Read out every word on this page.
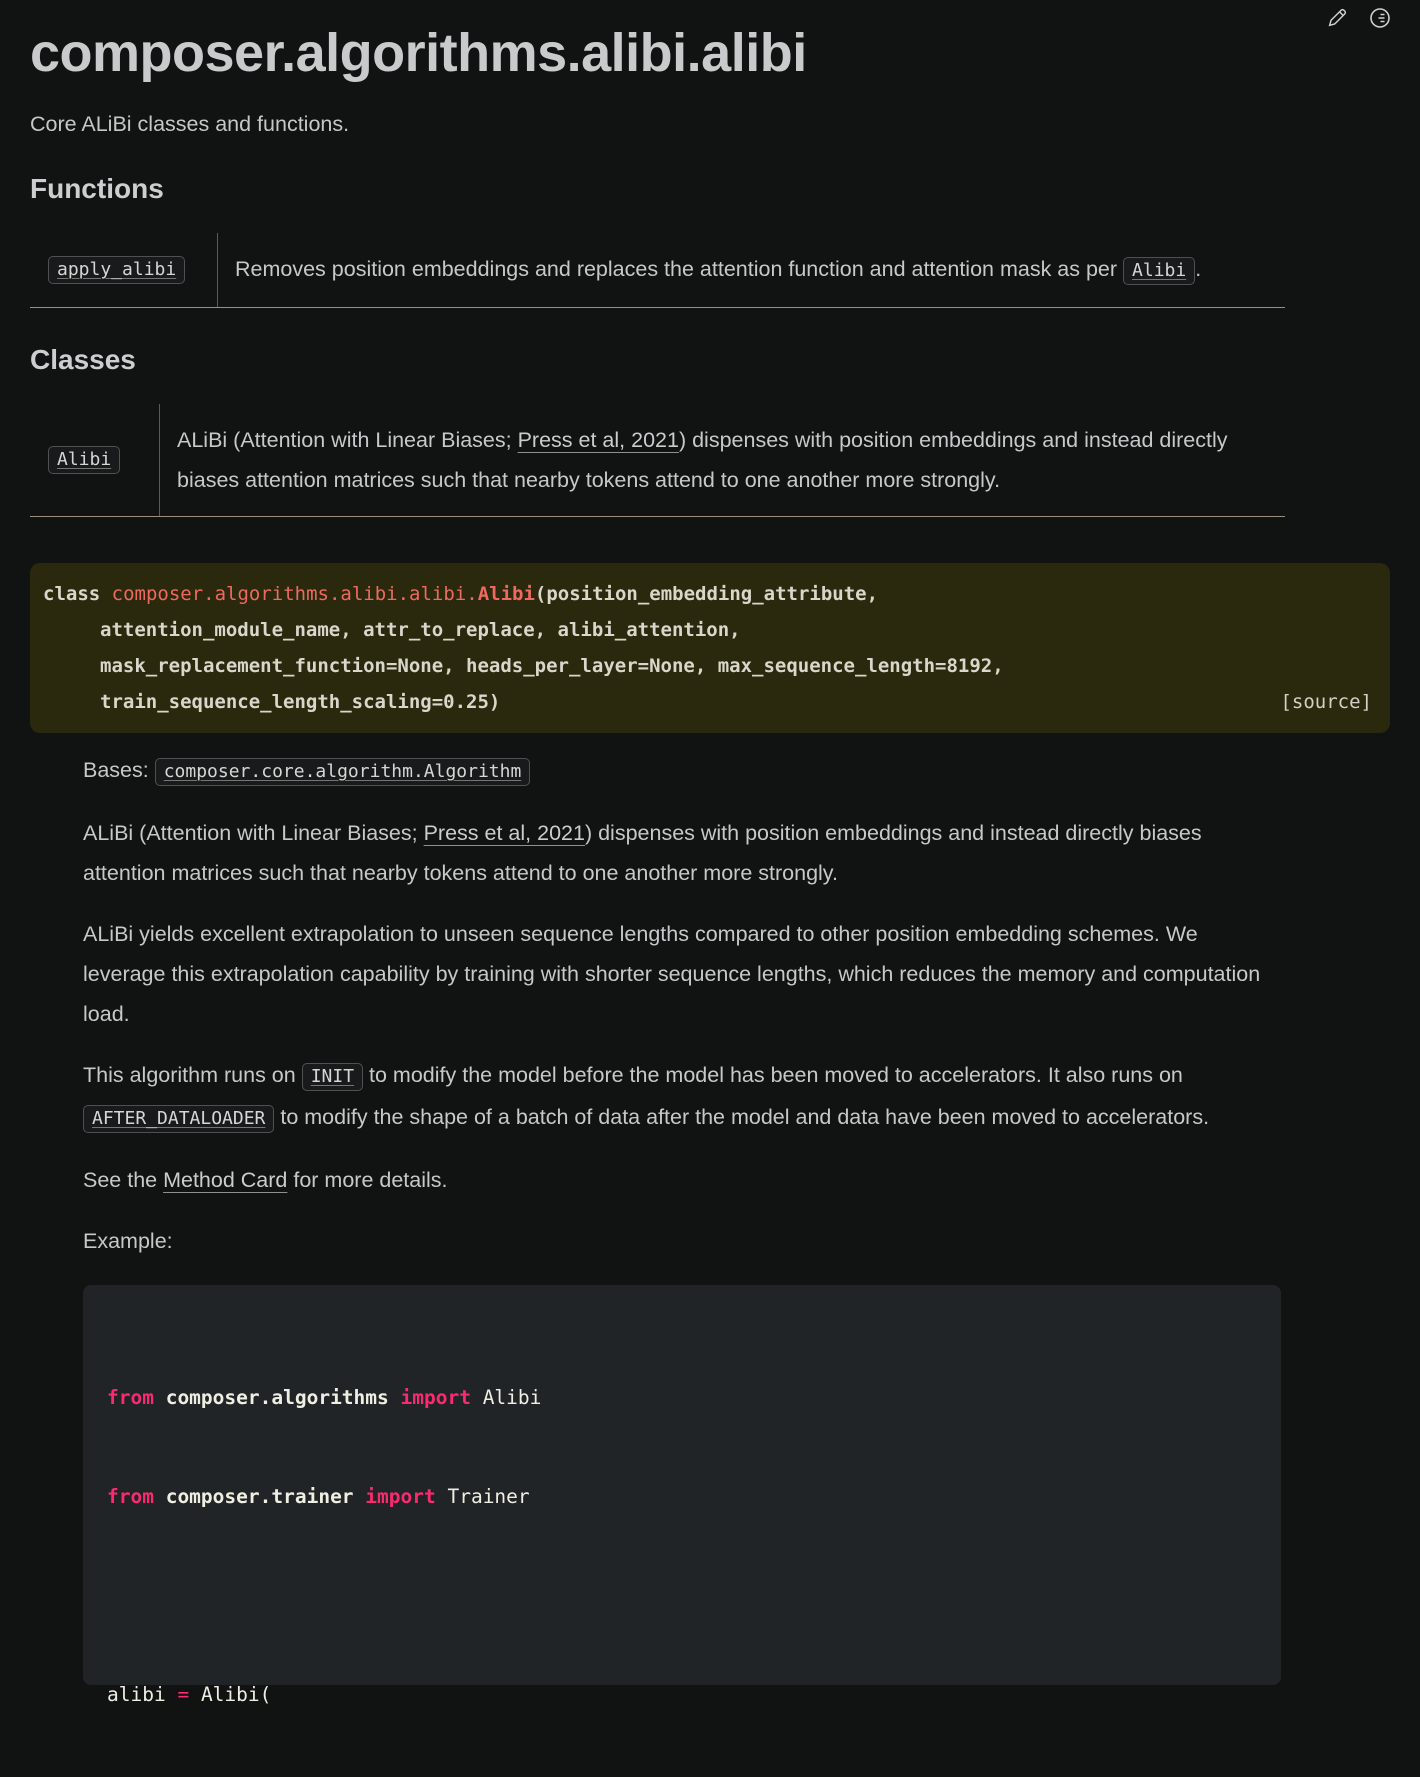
composer.algorithms.alibi.alibi

Core ALiBi classes and functions.

Functions
apply_alibi	Removes position embeddings and replaces the attention function and attention mask as per Alibi .
Classes
Alibi
ALiBi (Attention with Linear Biases; Press et al, 2021) dispenses with position embeddings and instead directly biases attention matrices such that nearby tokens attend to one another more strongly.
class composer.algorithms.alibi.alibi.Alibi(position_embedding_attribute,
attention_module_name, attr_to_replace, alibi_attention,
mask_replacement_function=None, heads_per_layer=None, max_sequence_length=8192,
train_sequence_length_scaling=0.25)	[source]

Bases: composer.core.algorithm.Algorithm

ALiBi (Attention with Linear Biases; Press et al, 2021) dispenses with position embeddings and instead directly biases attention matrices such that nearby tokens attend to one another more strongly.

ALiBi yields excellent extrapolation to unseen sequence lengths compared to other position embedding schemes. We leverage this extrapolation capability by training with shorter sequence lengths, which reduces the memory and computation load.

This algorithm runs on INIT to modify the model before the model has been moved to accelerators. It also runs on AFTER_DATALOADER to modify the shape of a batch of data after the model and data have been moved to accelerators.

See the Method Card for more details.

Example:

from composer.algorithms import Alibi

from composer.trainer import Trainer

alibi = Alibi(
